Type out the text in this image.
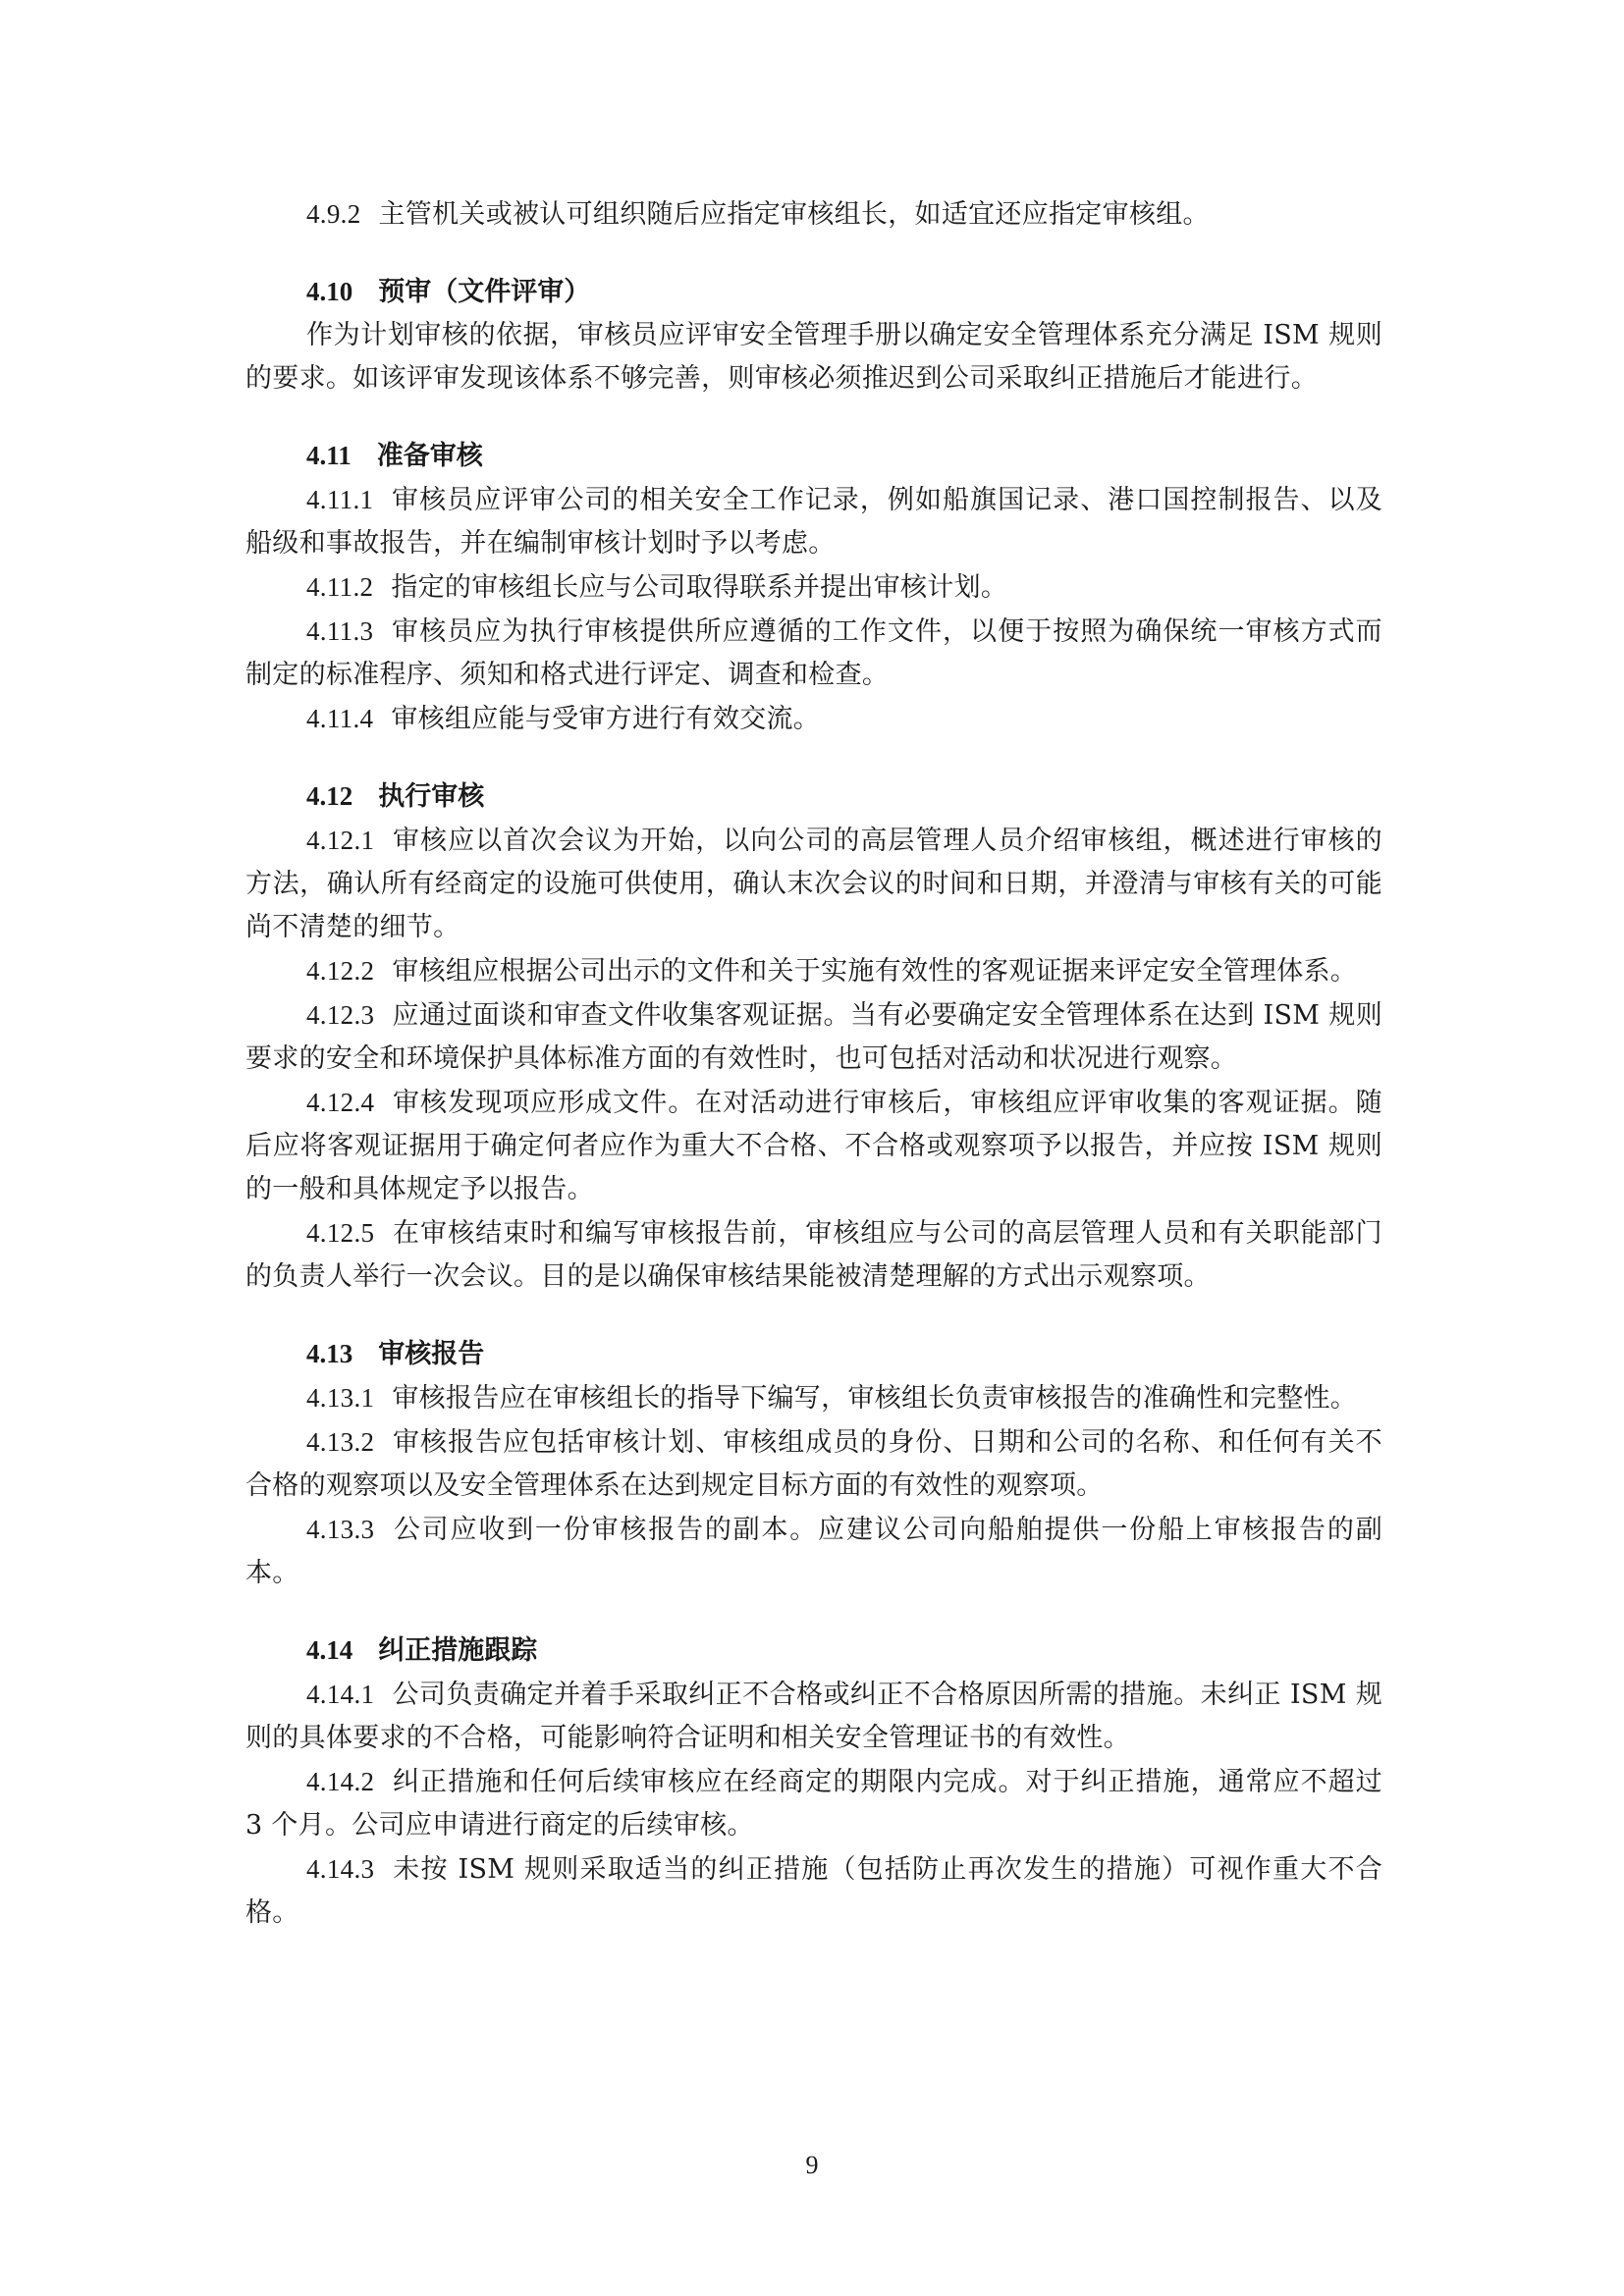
4.9.2 主管机关或被认可组织随后应指定审核组长，如适宜还应指定审核组。

4.10 预审（文件评审）

作为计划审核的依据，审核员应评审安全管理手册以确定安全管理体系充分满足 ISM 规则的要求。如该评审发现该体系不够完善，则审核必须推迟到公司采取纠正措施后才能进行。

4.11 准备审核

4.11.1 审核员应评审公司的相关安全工作记录，例如船旗国记录、港口国控制报告、以及船级和事故报告，并在编制审核计划时予以考虑。

4.11.2 指定的审核组长应与公司取得联系并提出审核计划。

4.11.3 审核员应为执行审核提供所应遵循的工作文件，以便于按照为确保统一审核方式而制定的标准程序、须知和格式进行评定、调查和检查。

4.11.4 审核组应能与受审方进行有效交流。

4.12 执行审核

4.12.1 审核应以首次会议为开始，以向公司的高层管理人员介绍审核组，概述进行审核的方法，确认所有经商定的设施可供使用，确认末次会议的时间和日期，并澄清与审核有关的可能尚不清楚的细节。

4.12.2 审核组应根据公司出示的文件和关于实施有效性的客观证据来评定安全管理体系。

4.12.3 应通过面谈和审查文件收集客观证据。当有必要确定安全管理体系在达到 ISM 规则要求的安全和环境保护具体标准方面的有效性时，也可包括对活动和状况进行观察。

4.12.4 审核发现项应形成文件。在对活动进行审核后，审核组应评审收集的客观证据。随后应将客观证据用于确定何者应作为重大不合格、不合格或观察项予以报告，并应按 ISM 规则的一般和具体规定予以报告。

4.12.5 在审核结束时和编写审核报告前，审核组应与公司的高层管理人员和有关职能部门的负责人举行一次会议。目的是以确保审核结果能被清楚理解的方式出示观察项。

4.13 审核报告

4.13.1 审核报告应在审核组长的指导下编写，审核组长负责审核报告的准确性和完整性。

4.13.2 审核报告应包括审核计划、审核组成员的身份、日期和公司的名称、和任何有关不合格的观察项以及安全管理体系在达到规定目标方面的有效性的观察项。

4.13.3 公司应收到一份审核报告的副本。应建议公司向船舶提供一份船上审核报告的副本。

4.14 纠正措施跟踪

4.14.1 公司负责确定并着手采取纠正不合格或纠正不合格原因所需的措施。未纠正 ISM 规则的具体要求的不合格，可能影响符合证明和相关安全管理证书的有效性。

4.14.2 纠正措施和任何后续审核应在经商定的期限内完成。对于纠正措施，通常应不超过 3 个月。公司应申请进行商定的后续审核。

4.14.3 未按 ISM 规则采取适当的纠正措施（包括防止再次发生的措施）可视作重大不合格。

9
